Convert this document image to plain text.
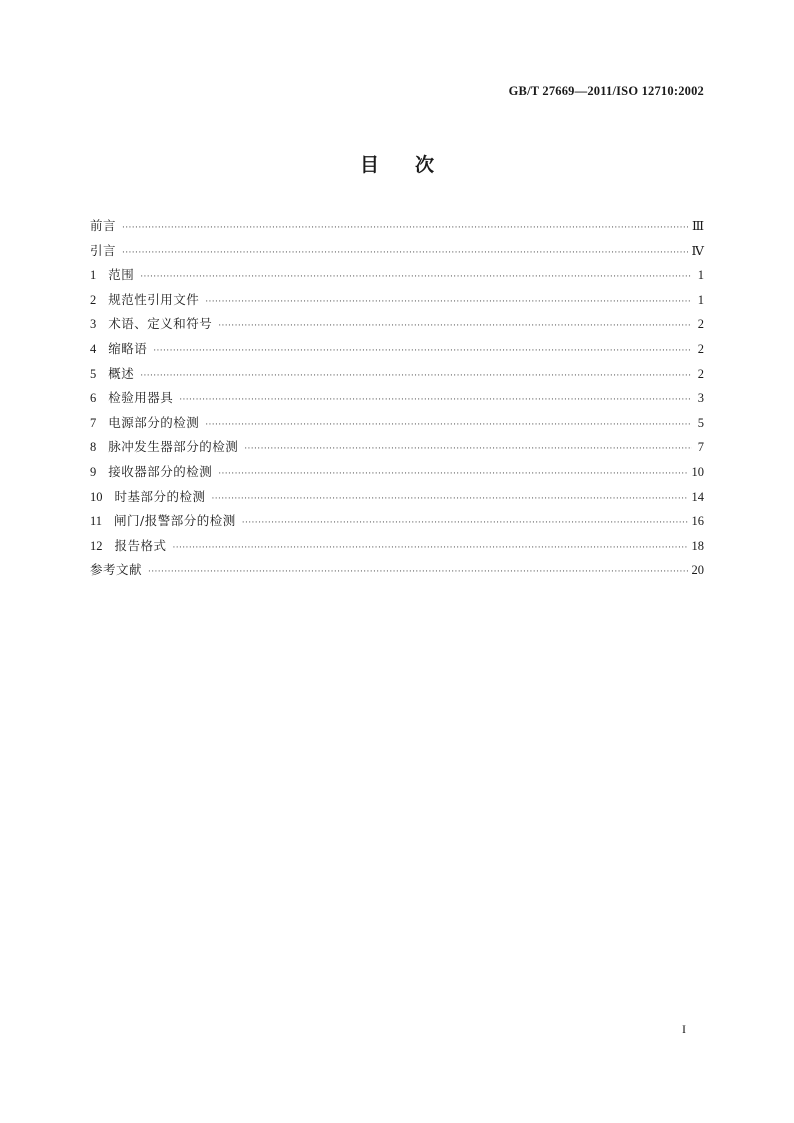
GB/T 27669—2011/ISO 12710:2002
目次
前言 ·····	Ⅲ
引言 ·····	Ⅳ
1 范围 ·····	1
2 规范性引用文件 ·····	1
3 术语、定义和符号 ·····	2
4 缩略语 ·····	2
5 概述 ·····	2
6 检验用器具 ·····	3
7 电源部分的检测 ·····	5
8 脉冲发生器部分的检测 ·····	7
9 接收器部分的检测 ·····	10
10 时基部分的检测 ·····	14
11 闸门/报警部分的检测 ·····	16
12 报告格式 ·····	18
参考文献 ·····	20
I
